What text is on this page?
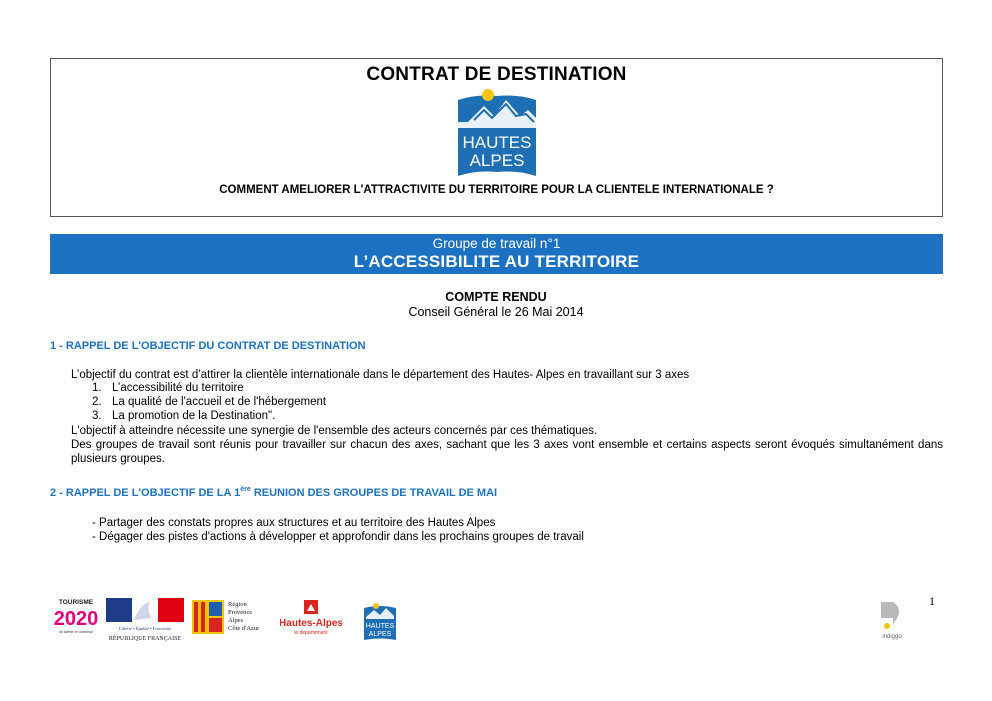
CONTRAT DE DESTINATION
HAUTES
ALPES
COMMENT AMELIORER L'ATTRACTIVITE DU TERRITOIRE POUR LA CLIENTELE INTERNATIONALE ?
Groupe de travail n°1
L’ACCESSIBILITE AU TERRITOIRE
COMPTE RENDU
Conseil Général le 26 Mai 2014
1 - RAPPEL DE L'OBJECTIF DU CONTRAT DE DESTINATION
L’objectif du contrat est d’attirer la clientèle internationale dans le département des Hautes- Alpes en travaillant sur 3 axes
1. L’accessibilité du territoire
2. La qualité de l'accueil et de l'hébergement
3. La promotion de la Destination".
L'objectif à atteindre nécessite une synergie de l'ensemble des acteurs concernés par ces thématiques.
Des groupes de travail sont réunis pour travailler sur chacun des axes, sachant que les 3 axes vont ensemble et certains aspects seront évoqués simultanément dans plusieurs groupes.
2 - RAPPEL DE L'OBJECTIF DE LA 1ère REUNION DES GROUPES DE TRAVAIL DE MAI
- Partager des constats propres aux structures et au territoire des Hautes Alpes
- Dégager des pistes d'actions à développer et approfondir dans les prochains groupes de travail
TOURISME
2020
un avenir en commun
Liberté • Égalité • Fraternité
RÉPUBLIQUE FRANÇAISE
Région
Provence
Alpes
Côte d'Azur Hautes-Alpes
le département
HAUTES
ALPES	indiggo
1
